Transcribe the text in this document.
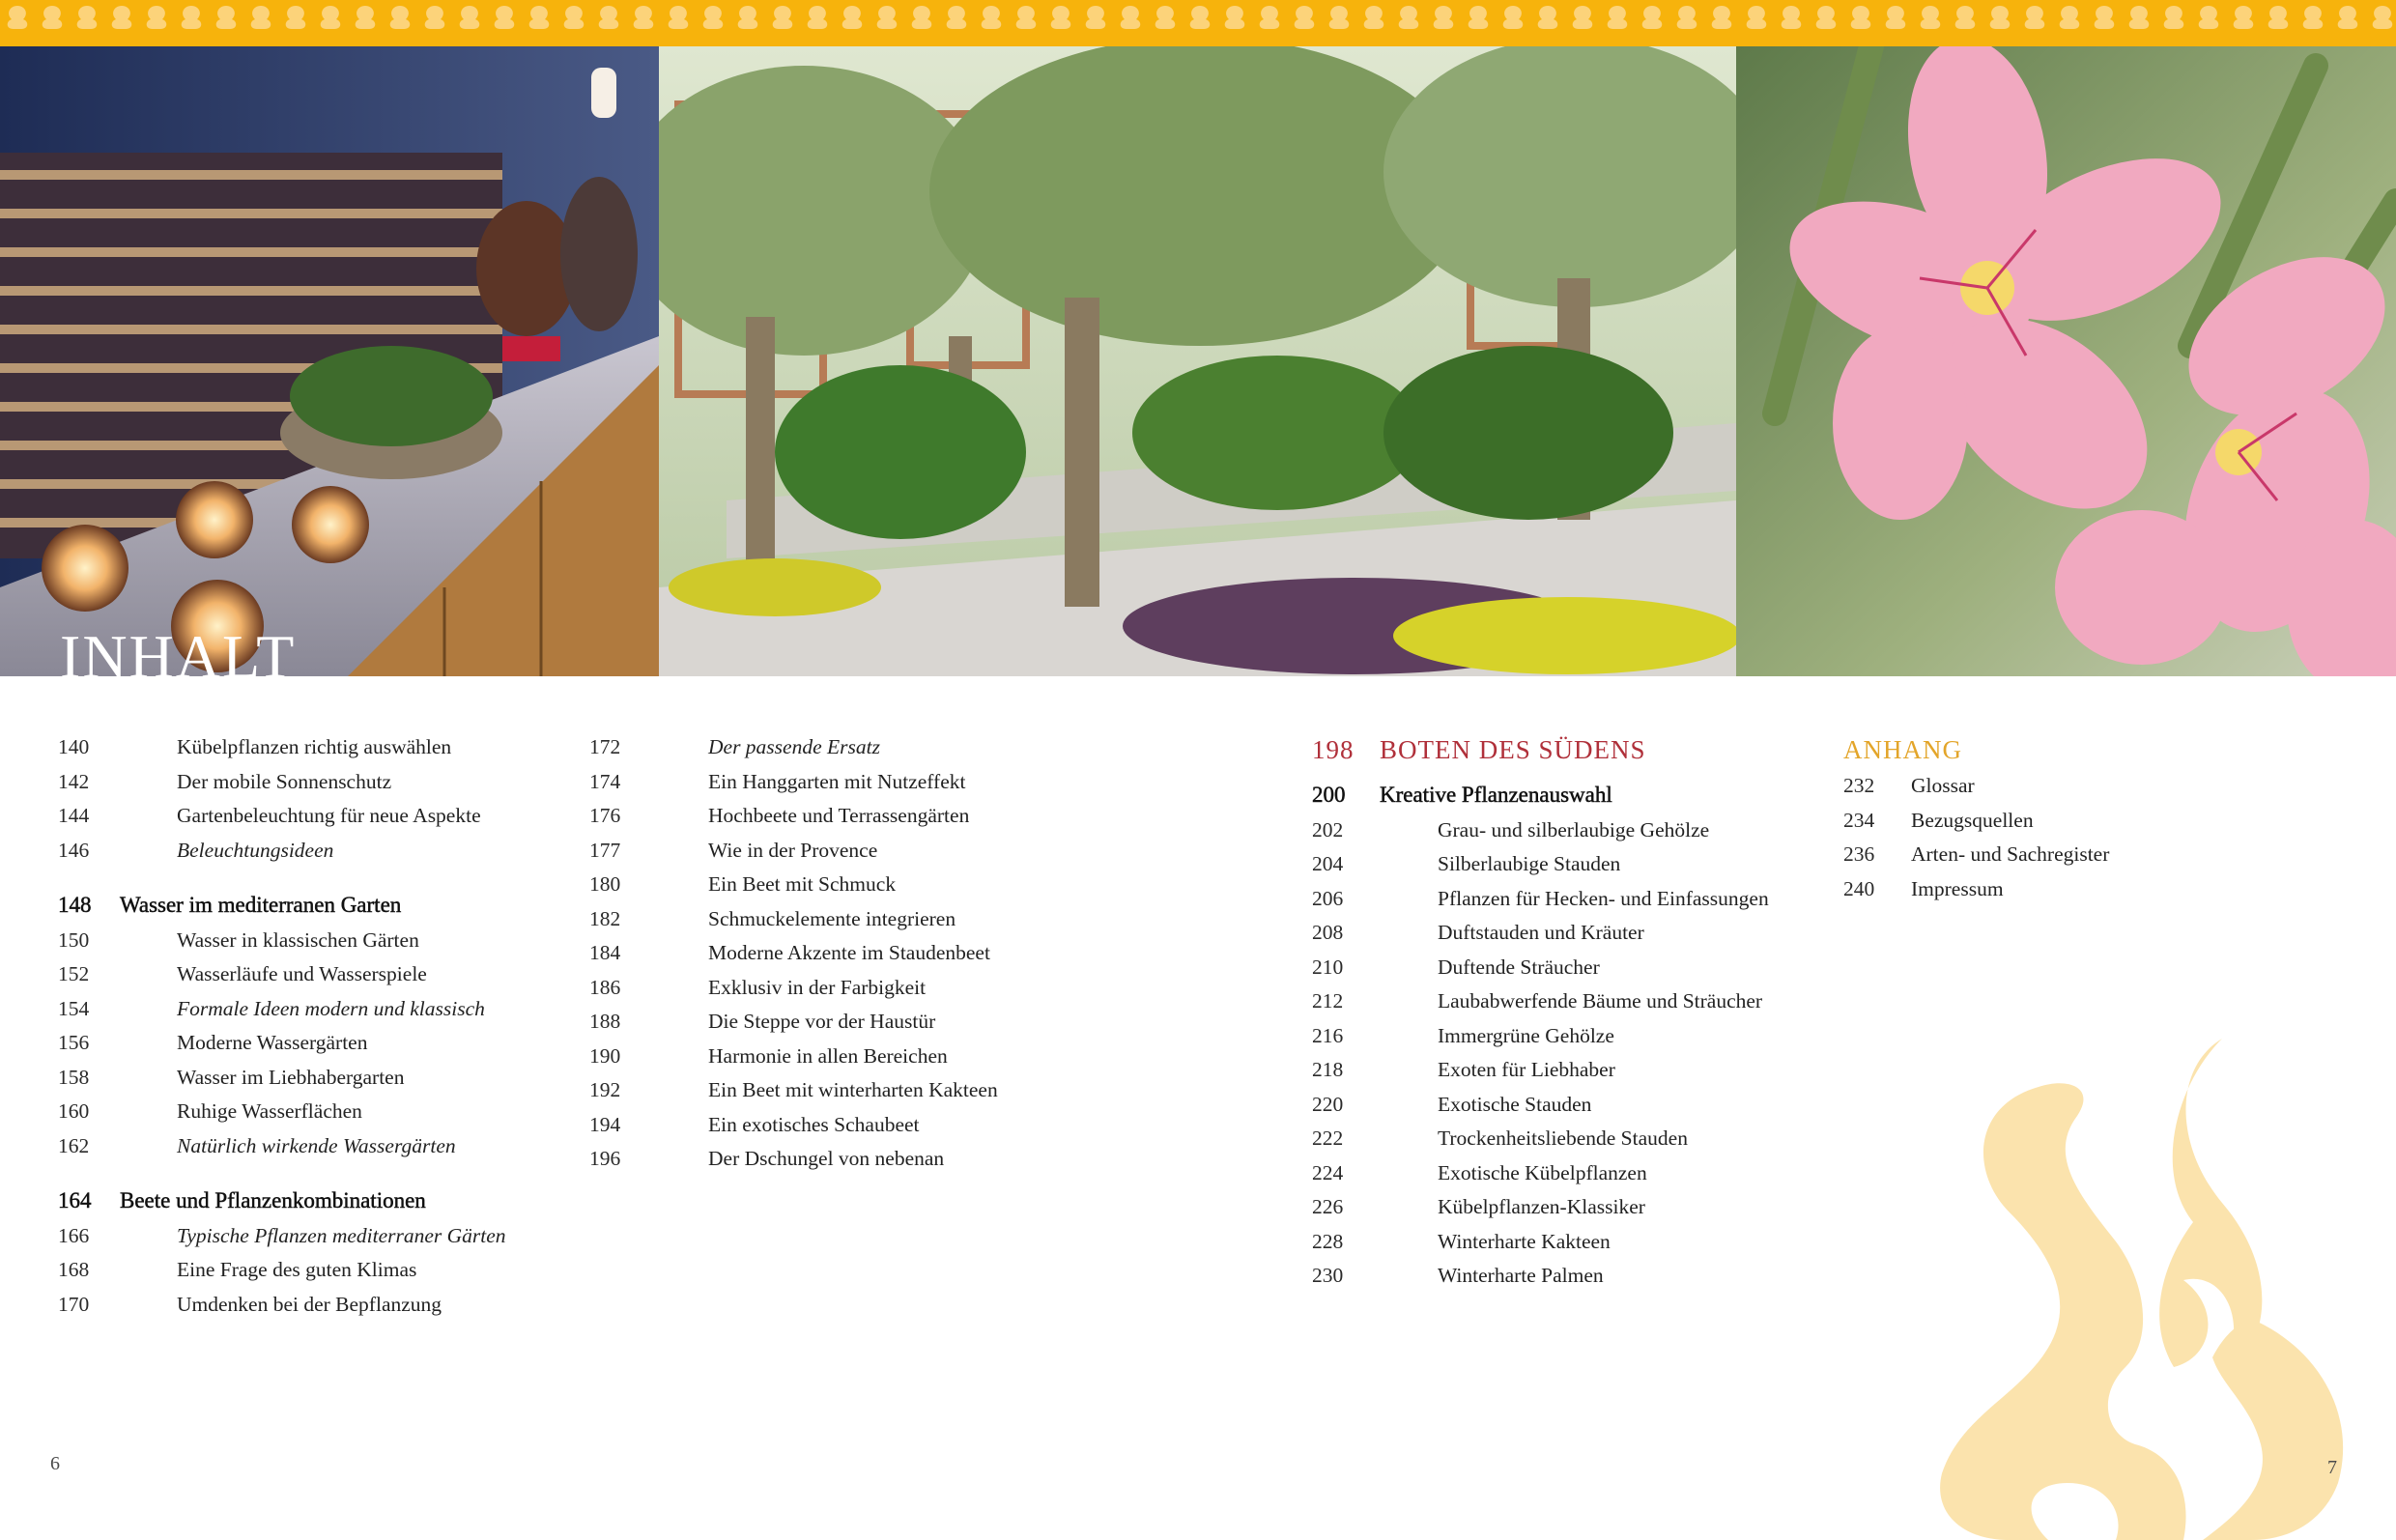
INHALT
140	Kübelpflanzen richtig auswählen
142	Der mobile Sonnenschutz
144	Gartenbeleuchtung für neue Aspekte
146	Beleuchtungsideen
148 Wasser im mediterranen Garten
150	Wasser in klassischen Gärten
152	Wasserläufe und Wasserspiele
154	Formale Ideen modern und klassisch
156	Moderne Wassergärten
158	Wasser im Liebhabergarten
160	Ruhige Wasserflächen
162	Natürlich wirkende Wassergärten
164 Beete und Pflanzenkombinationen
166	Typische Pflanzen mediterraner Gärten
168	Eine Frage des guten Klimas
170	Umdenken bei der Bepflanzung
172	Der passende Ersatz
174	Ein Hanggarten mit Nutzeffekt
176	Hochbeete und Terrassengärten
177	Wie in der Provence
180	Ein Beet mit Schmuck
182	Schmuckelemente integrieren
184	Moderne Akzente im Staudenbeet
186	Exklusiv in der Farbigkeit
188	Die Steppe vor der Haustür
190	Harmonie in allen Bereichen
192	Ein Beet mit winterharten Kakteen
194	Ein exotisches Schaubeet
196	Der Dschungel von nebenan
198 BOTEN DES SÜDENS
200 Kreative Pflanzenauswahl
202	Grau- und silberlaubige Gehölze
204	Silberlaubige Stauden
206	Pflanzen für Hecken- und Einfassungen
208	Duftstauden und Kräuter
210	Duftende Sträucher
212	Laubabwerfende Bäume und Sträucher
216	Immergrüne Gehölze
218	Exoten für Liebhaber
220	Exotische Stauden
222	Trockenheitsliebende Stauden
224	Exotische Kübelpflanzen
226	Kübelpflanzen-Klassiker
228	Winterharte Kakteen
230	Winterharte Palmen
ANHANG
232 Glossar
234 Bezugsquellen
236 Arten- und Sachregister
240 Impressum
6	7
